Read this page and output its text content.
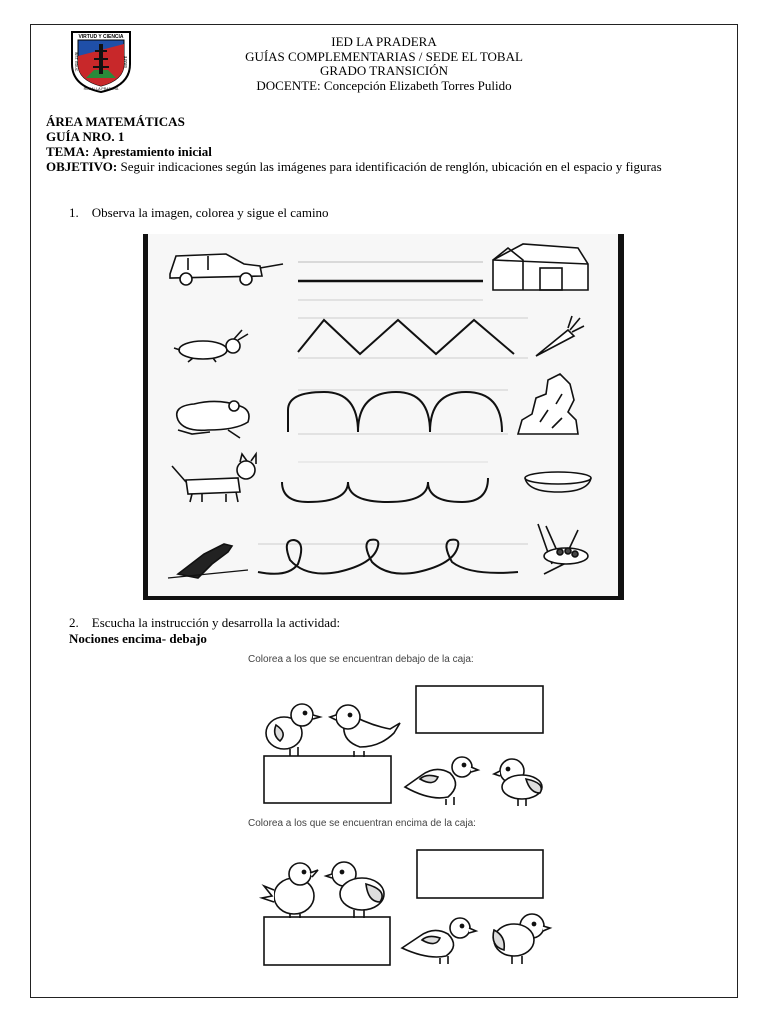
VIRTUD Y CIENCIA
INST. EDUC.	SIBATÉ
RURAL LA PRADERA
IED LA PRADERA
GUÍAS COMPLEMENTARIAS / SEDE EL TOBAL
GRADO TRANSICIÓN
DOCENTE: Concepción Elizabeth Torres Pulido
ÁREA MATEMÁTICAS
GUÍA NRO. 1
TEMA: Aprestamiento inicial
OBJETIVO: Seguir indicaciones según las imágenes para identificación de renglón, ubicación en el espacio y figuras
1. Observa la imagen, colorea y sigue el camino
2. Escucha la instrucción y desarrolla la actividad:
Nociones encima- debajo
Colorea a los que se encuentran debajo de la caja:
Colorea a los que se encuentran encima de la caja:
